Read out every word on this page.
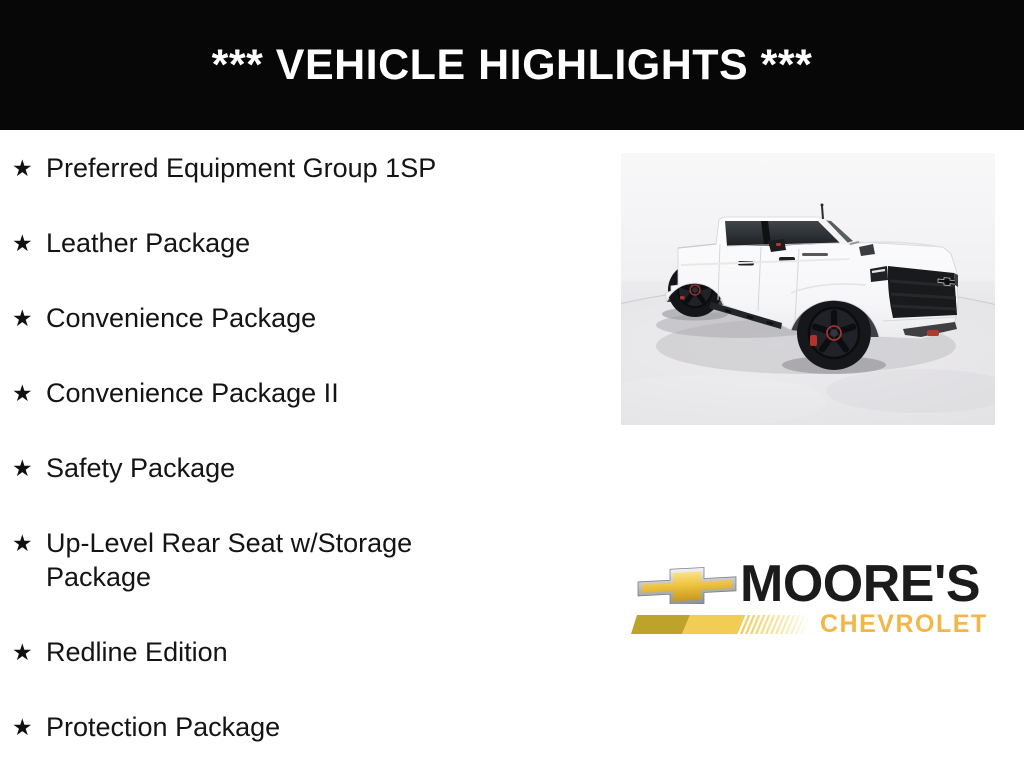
*** VEHICLE HIGHLIGHTS ***
★ Preferred Equipment Group 1SP
★ Leather Package
★ Convenience Package
★ Convenience Package II
★ Safety Package
★ Up-Level Rear Seat w/Storage Package
★ Redline Edition
★ Protection Package
MOORE'S
CHEVROLET
